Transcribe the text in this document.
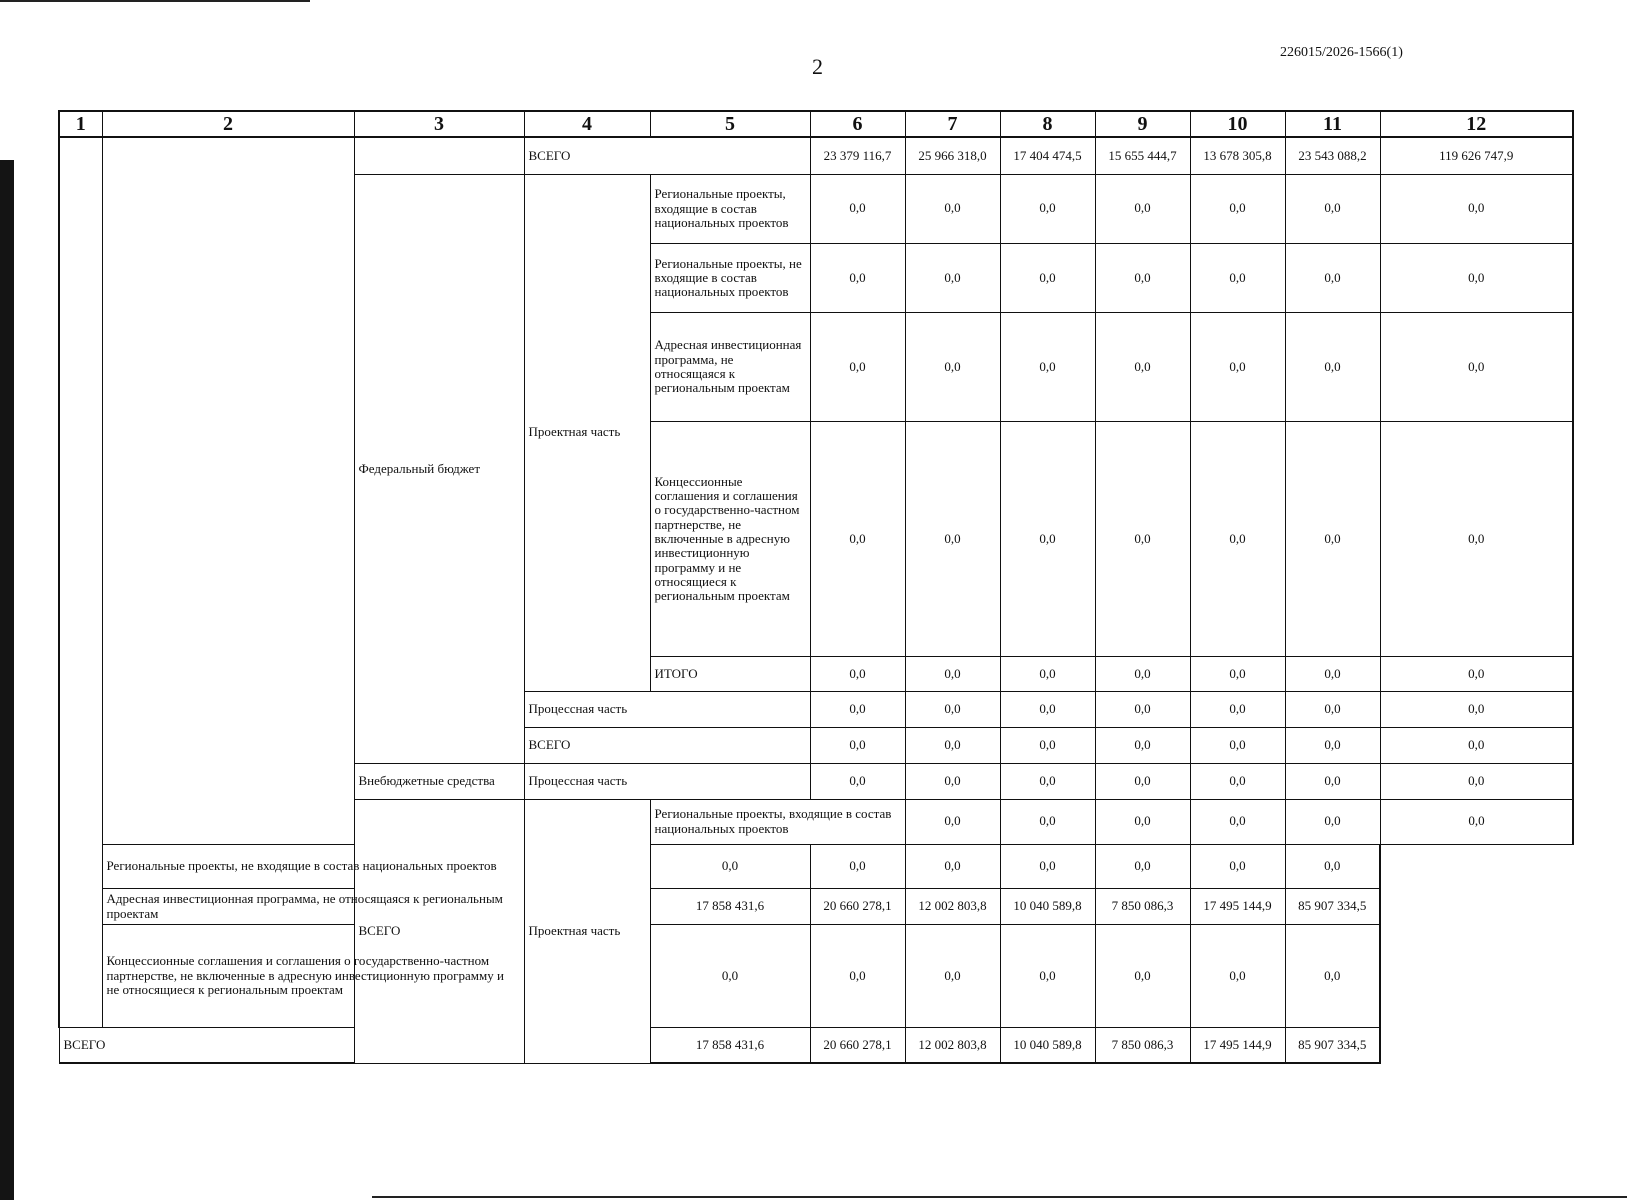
2
226015/2026-1566(1)
1	2	3	4	5	6	7	8	9	10	11	12	
			ВСЕГО		23 379 116,7	25 966 318,0	17 404 474,5	15 655 444,7	13 678 305,8	23 543 088,2	119 626 747,9	
		Федеральный бюджет	Проектная часть	Региональные проекты, входящие в состав национальных проектов	0,0	0,0	0,0	0,0	0,0	0,0	0,0	
				Региональные проекты, не входящие в состав национальных проектов	0,0	0,0	0,0	0,0	0,0	0,0	0,0	
				Адресная инвестиционная программа, не относящаяся к региональным проектам	0,0	0,0	0,0	0,0	0,0	0,0	0,0	
				Концессионные соглашения и соглашения о государственно-частном партнерстве, не включенные в адресную инвестиционную программу и не относящиеся к региональным проектам	0,0	0,0	0,0	0,0	0,0	0,0	0,0	
				ИТОГО	0,0	0,0	0,0	0,0	0,0	0,0	0,0	
			Процессная часть		0,0	0,0	0,0	0,0	0,0	0,0	0,0	
			ВСЕГО		0,0	0,0	0,0	0,0	0,0	0,0	0,0	
		Внебюджетные средства	Процессная часть		0,0	0,0	0,0	0,0	0,0	0,0	0,0	
		ВСЕГО	Проектная часть	Региональные проекты, входящие в состав национальных проектов		0,0	0,0	0,0	0,0	0,0	0,0	
	Региональные проекты, не входящие в состав национальных проектов			0,0	0,0	0,0	0,0	0,0	0,0	0,0		
	Адресная инвестиционная программа, не относящаяся к региональным проектам			17 858 431,6	20 660 278,1	12 002 803,8	10 040 589,8	7 850 086,3	17 495 144,9	85 907 334,5		
	Концессионные соглашения и соглашения о государственно-частном партнерстве, не включенные в адресную инвестиционную программу и не относящиеся к региональным проектам			0,0	0,0	0,0	0,0	0,0	0,0	0,0		
ВСЕГО				17 858 431,6	20 660 278,1	12 002 803,8	10 040 589,8	7 850 086,3	17 495 144,9	85 907 334,5		
